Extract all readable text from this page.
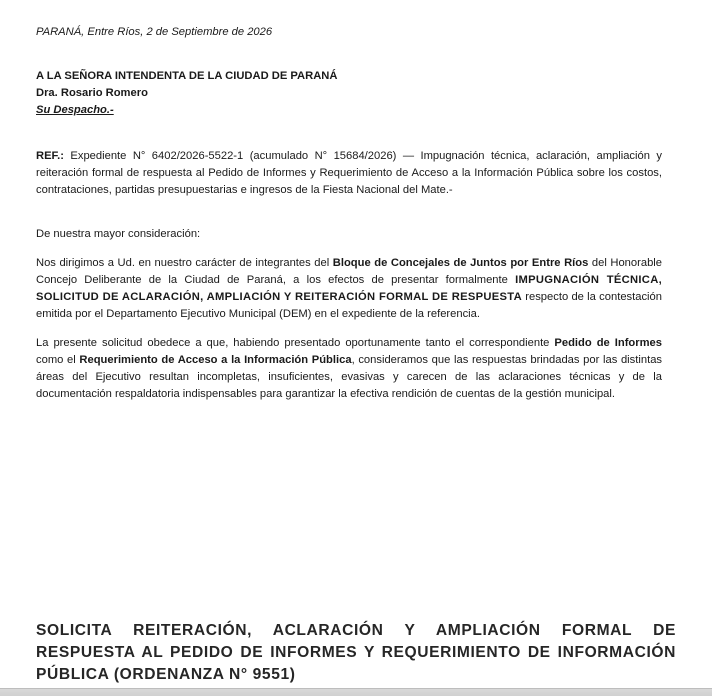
PARANÁ, Entre Ríos, 2 de Septiembre de 2026

A LA SEÑORA INTENDENTA DE LA CIUDAD DE PARANÁ
Dra. Rosario Romero
Su Despacho.-

REF.: Expediente N° 6402/2026-5522-1 (acumulado N° 15684/2026) — Impugnación técnica, aclaración, ampliación y reiteración formal de respuesta al Pedido de Informes y Requerimiento de Acceso a la Información Pública sobre los costos, contrataciones, partidas presupuestarias e ingresos de la Fiesta Nacional del Mate.-

De nuestra mayor consideración:

Nos dirigimos a Ud. en nuestro carácter de integrantes del Bloque de Concejales de Juntos por Entre Ríos del Honorable Concejo Deliberante de la Ciudad de Paraná, a los efectos de presentar formalmente IMPUGNACIÓN TÉCNICA, SOLICITUD DE ACLARACIÓN, AMPLIACIÓN Y REITERACIÓN FORMAL DE RESPUESTA respecto de la contestación emitida por el Departamento Ejecutivo Municipal (DEM) en el expediente de la referencia.

La presente solicitud obedece a que, habiendo presentado oportunamente tanto el correspondiente Pedido de Informes como el Requerimiento de Acceso a la Información Pública, consideramos que las respuestas brindadas por las distintas áreas del Ejecutivo resultan incompletas, insuficientes, evasivas y carecen de las aclaraciones técnicas y de la documentación respaldatoria indispensables para garantizar la efectiva rendición de cuentas de la gestión municipal.

SOLICITA REITERACIÓN, ACLARACIÓN Y AMPLIACIÓN FORMAL DE RESPUESTA AL PEDIDO DE INFORMES Y REQUERIMIENTO DE INFORMACIÓN PÚBLICA (ORDENANZA N° 9551)
